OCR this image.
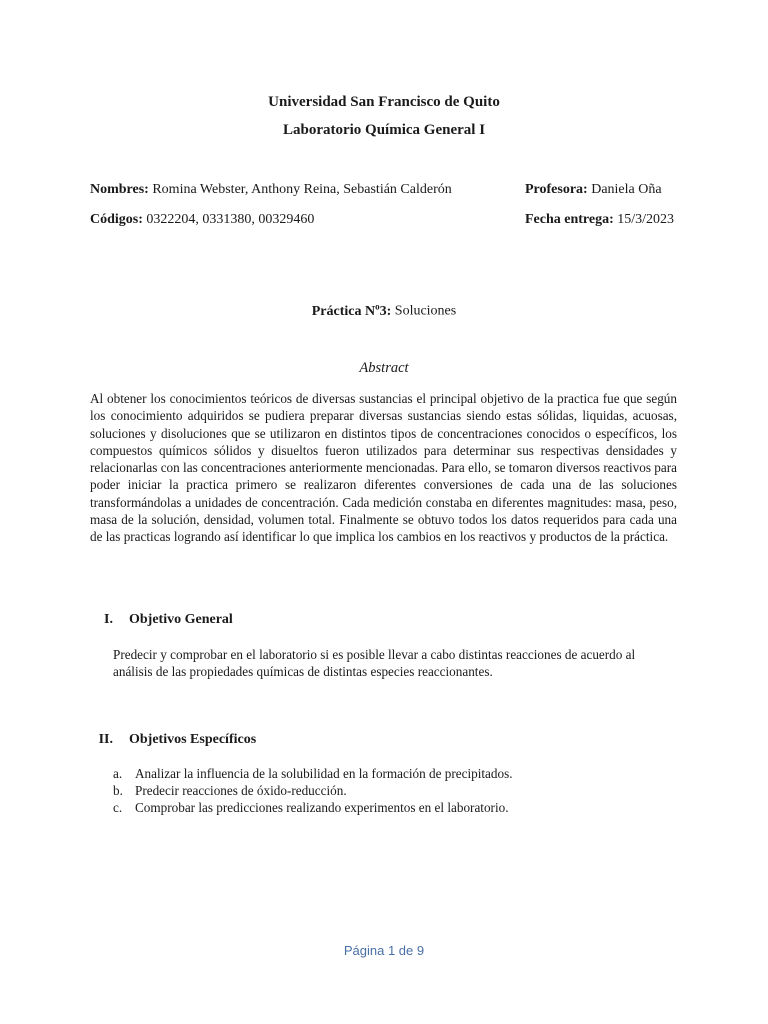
Universidad San Francisco de Quito
Laboratorio Química General I
Nombres: Romina Webster, Anthony Reina, Sebastián Calderón	Profesora: Daniela Oña
Códigos: 0322204, 0331380, 00329460	Fecha entrega: 15/3/2023
Práctica $N^o3$: Soluciones
Abstract
Al obtener los conocimientos teóricos de diversas sustancias el principal objetivo de la practica fue que según los conocimiento adquiridos se pudiera preparar diversas sustancias siendo estas sólidas, liquidas, acuosas, soluciones y disoluciones que se utilizaron en distintos tipos de concentraciones conocidos o específicos, los compuestos químicos sólidos y disueltos fueron utilizados para determinar sus respectivas densidades y relacionarlas con las concentraciones anteriormente mencionadas. Para ello, se tomaron diversos reactivos para poder iniciar la practica primero se realizaron diferentes conversiones de cada una de las soluciones transformándolas a unidades de concentración. Cada medición constaba en diferentes magnitudes: masa, peso, masa de la solución, densidad, volumen total. Finalmente se obtuvo todos los datos requeridos para cada una de las practicas logrando así identificar lo que implica los cambios en los reactivos y productos de la práctica.
I. Objetivo General
Predecir y comprobar en el laboratorio si es posible llevar a cabo distintas reacciones de acuerdo al análisis de las propiedades químicas de distintas especies reaccionantes.
II. Objetivos Específicos
a. Analizar la influencia de la solubilidad en la formación de precipitados.
b. Predecir reacciones de óxido-reducción.
c. Comprobar las predicciones realizando experimentos en el laboratorio.
Página 1 de 9
